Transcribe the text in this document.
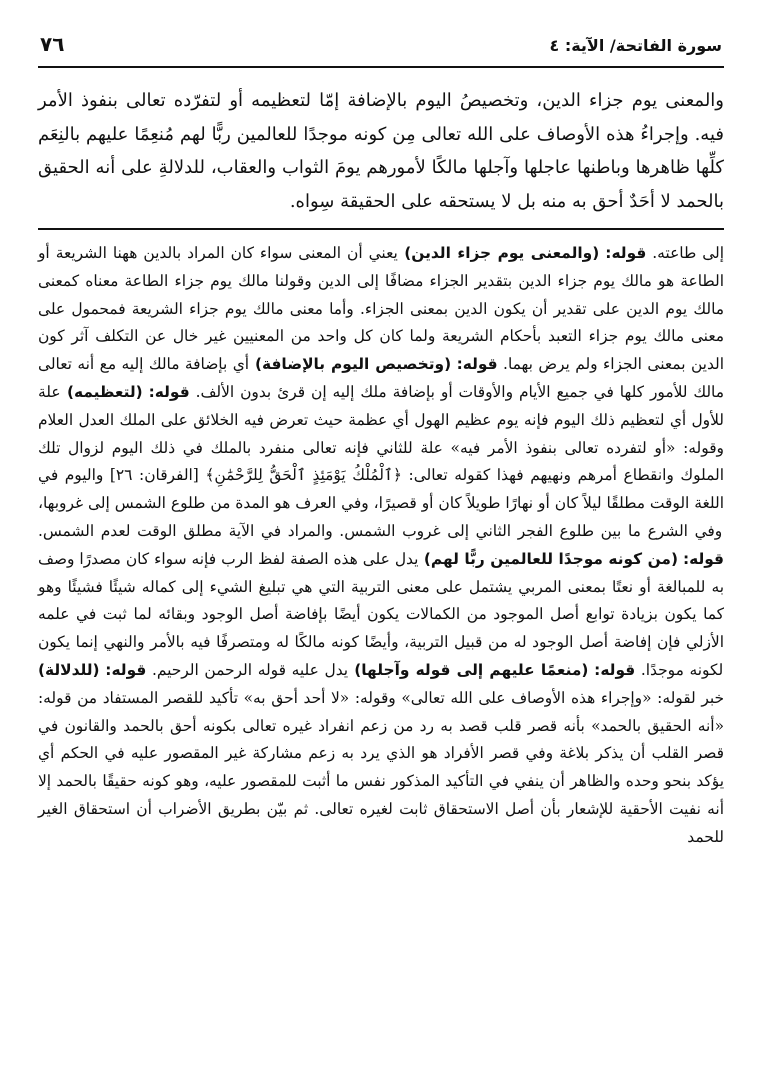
سورة الفاتحة/ الآية: ٤
٧٦

والمعنى يوم جزاء الدين، وتخصيصُ اليوم بالإضافة إمّا لتعظيمه أو لتفرّده تعالى بنفوذ الأمر فيه. وإجراءُ هذه الأوصاف على الله تعالى مِن كونه موجدًا للعالمين ربًّا لهم مُنعِمًا عليهم بالنِعَم كلِّها ظاهرها وباطنها عاجلها وآجلها مالكًا لأمورهم يومَ الثواب والعقاب، للدلالةِ على أنه الحقيق بالحمد لا أحَدٌ أحق به منه بل لا يستحقه على الحقيقة سِواه.

إلى طاعته. قوله: (والمعنى يوم جزاء الدين) يعني أن المعنى سواء كان المراد بالدين ههنا الشريعة أو الطاعة هو مالك يوم جزاء الدين بتقدير الجزاء مضافًا إلى الدين وقولنا مالك يوم جزاء الطاعة معناه كمعنى مالك يوم الدين على تقدير أن يكون الدين بمعنى الجزاء. وأما معنى مالك يوم جزاء الشريعة فمحمول على معنى مالك يوم جزاء التعبد بأحكام الشريعة ولما كان كل واحد من المعنيين غير خال عن التكلف آثر كون الدين بمعنى الجزاء ولم يرض بهما. قوله: (وتخصيص اليوم بالإضافة) أي بإضافة مالك إليه مع أنه تعالى مالك للأمور كلها في جميع الأيام والأوقات أو بإضافة ملك إليه إن قرئ بدون الألف. قوله: (لتعظيمه) علة للأول أي لتعظيم ذلك اليوم فإنه يوم عظيم الهول أي عظمة حيث تعرض فيه الخلائق على الملك العدل العلام وقوله: «أو لتفرده تعالى بنفوذ الأمر فيه» علة للثاني فإنه تعالى منفرد بالملك في ذلك اليوم لزوال تلك الملوك وانقطاع أمرهم ونهيهم فهذا كقوله تعالى: ﴿ٱلْمُلْكُ يَوْمَئِذٍ ٱلْحَقُّ لِلرَّحْمَٰنِ﴾ [الفرقان: ٢٦] واليوم في اللغة الوقت مطلقًا ليلاً كان أو نهارًا طويلاً كان أو قصيرًا، وفي العرف هو المدة من طلوع الشمس إلى غروبها، وفي الشرع ما بين طلوع الفجر الثاني إلى غروب الشمس. والمراد في الآية مطلق الوقت لعدم الشمس. قوله: (من كونه موجدًا للعالمين ربًّا لهم) يدل على هذه الصفة لفظ الرب فإنه سواء كان مصدرًا وصف به للمبالغة أو نعتًا بمعنى المربي يشتمل على معنى التربية التي هي تبليغ الشيء إلى كماله شيئًا فشيئًا وهو كما يكون بزيادة توابع أصل الموجود من الكمالات يكون أيضًا بإفاضة أصل الوجود وبقائه لما ثبت في علمه الأزلي فإن إفاضة أصل الوجود له من قبيل التربية، وأيضًا كونه مالكًا له ومتصرفًا فيه بالأمر والنهي إنما يكون لكونه موجدًا. قوله: (منعمًا عليهم إلى قوله وآجلها) يدل عليه قوله الرحمن الرحيم. قوله: (للدلالة) خبر لقوله: «وإجراء هذه الأوصاف على الله تعالى» وقوله: «لا أحد أحق به» تأكيد للقصر المستفاد من قوله: «أنه الحقيق بالحمد» بأنه قصر قلب قصد به رد من زعم انفراد غيره تعالى بكونه أحق بالحمد والقانون في قصر القلب أن يذكر بلاغة وفي قصر الأفراد هو الذي يرد به زعم مشاركة غير المقصور عليه في الحكم أي يؤكد بنحو وحده والظاهر أن ينفي في التأكيد المذكور نفس ما أثبت للمقصور عليه، وهو كونه حقيقًا بالحمد إلا أنه نفيت الأحقية للإشعار بأن أصل الاستحقاق ثابت لغيره تعالى. ثم بيّن بطريق الأضراب أن استحقاق الغير للحمد
